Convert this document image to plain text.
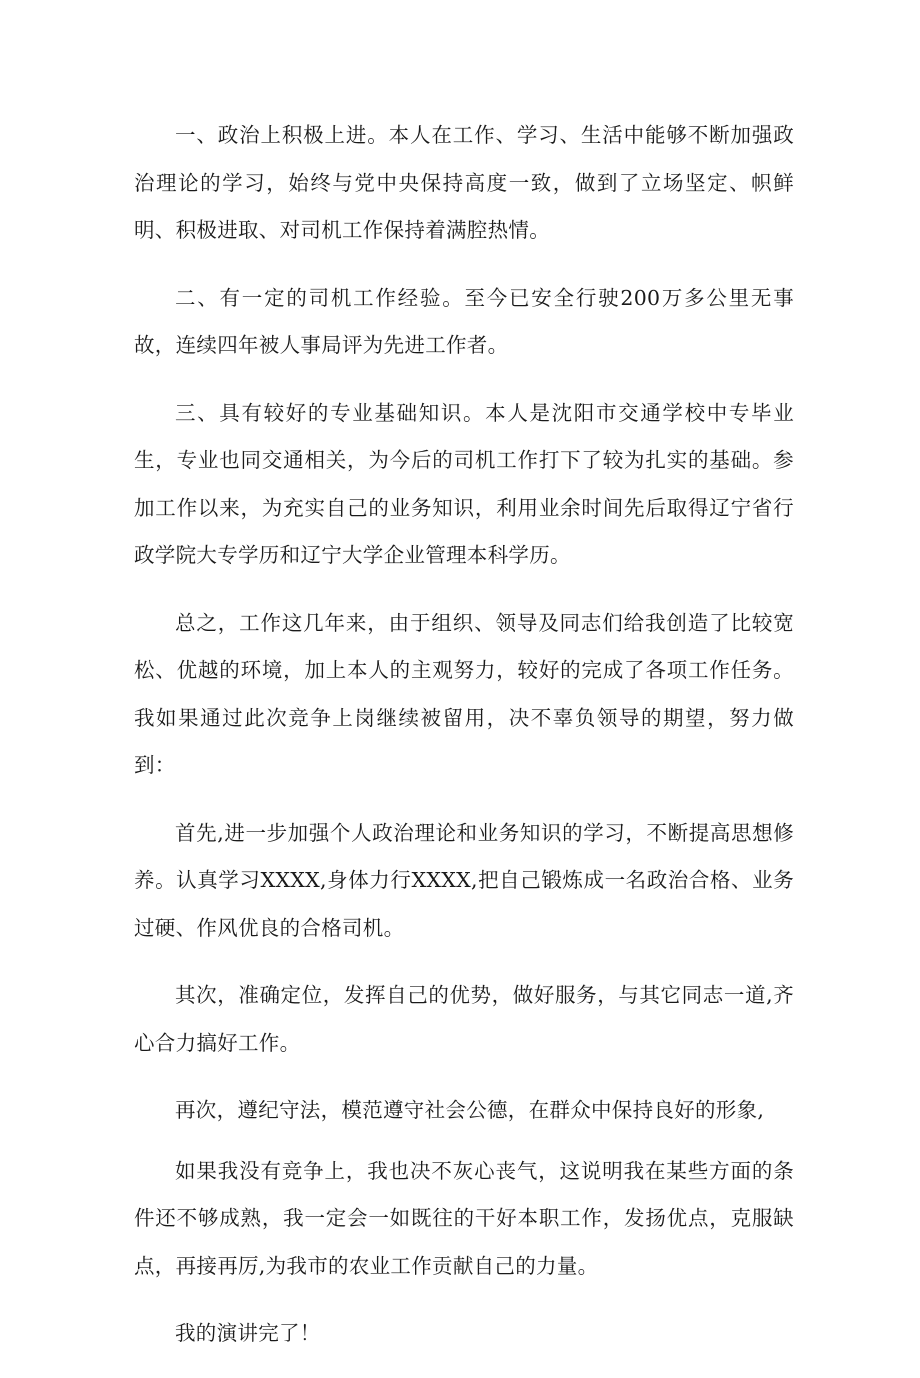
一、政治上积极上进。本人在工作、学习、生活中能够不断加强政治理论的学习，始终与党中央保持高度一致，做到了立场坚定、帜鲜明、积极进取、对司机工作保持着满腔热情。

二、有一定的司机工作经验。至今已安全行驶200万多公里无事故，连续四年被人事局评为先进工作者。

三、具有较好的专业基础知识。本人是沈阳市交通学校中专毕业生，专业也同交通相关，为今后的司机工作打下了较为扎实的基础。参加工作以来，为充实自己的业务知识，利用业余时间先后取得辽宁省行政学院大专学历和辽宁大学企业管理本科学历。

总之，工作这几年来，由于组织、领导及同志们给我创造了比较宽松、优越的环境，加上本人的主观努力，较好的完成了各项工作任务。我如果通过此次竞争上岗继续被留用，决不辜负领导的期望，努力做到：

首先,进一步加强个人政治理论和业务知识的学习，不断提高思想修养。认真学习XXXX,身体力行XXXX,把自己锻炼成一名政治合格、业务过硬、作风优良的合格司机。

其次，准确定位，发挥自己的优势，做好服务，与其它同志一道,齐心合力搞好工作。

再次，遵纪守法，模范遵守社会公德，在群众中保持良好的形象,

如果我没有竞争上，我也决不灰心丧气，这说明我在某些方面的条件还不够成熟，我一定会一如既往的干好本职工作，发扬优点，克服缺点，再接再厉,为我市的农业工作贡献自己的力量。

我的演讲完了！
